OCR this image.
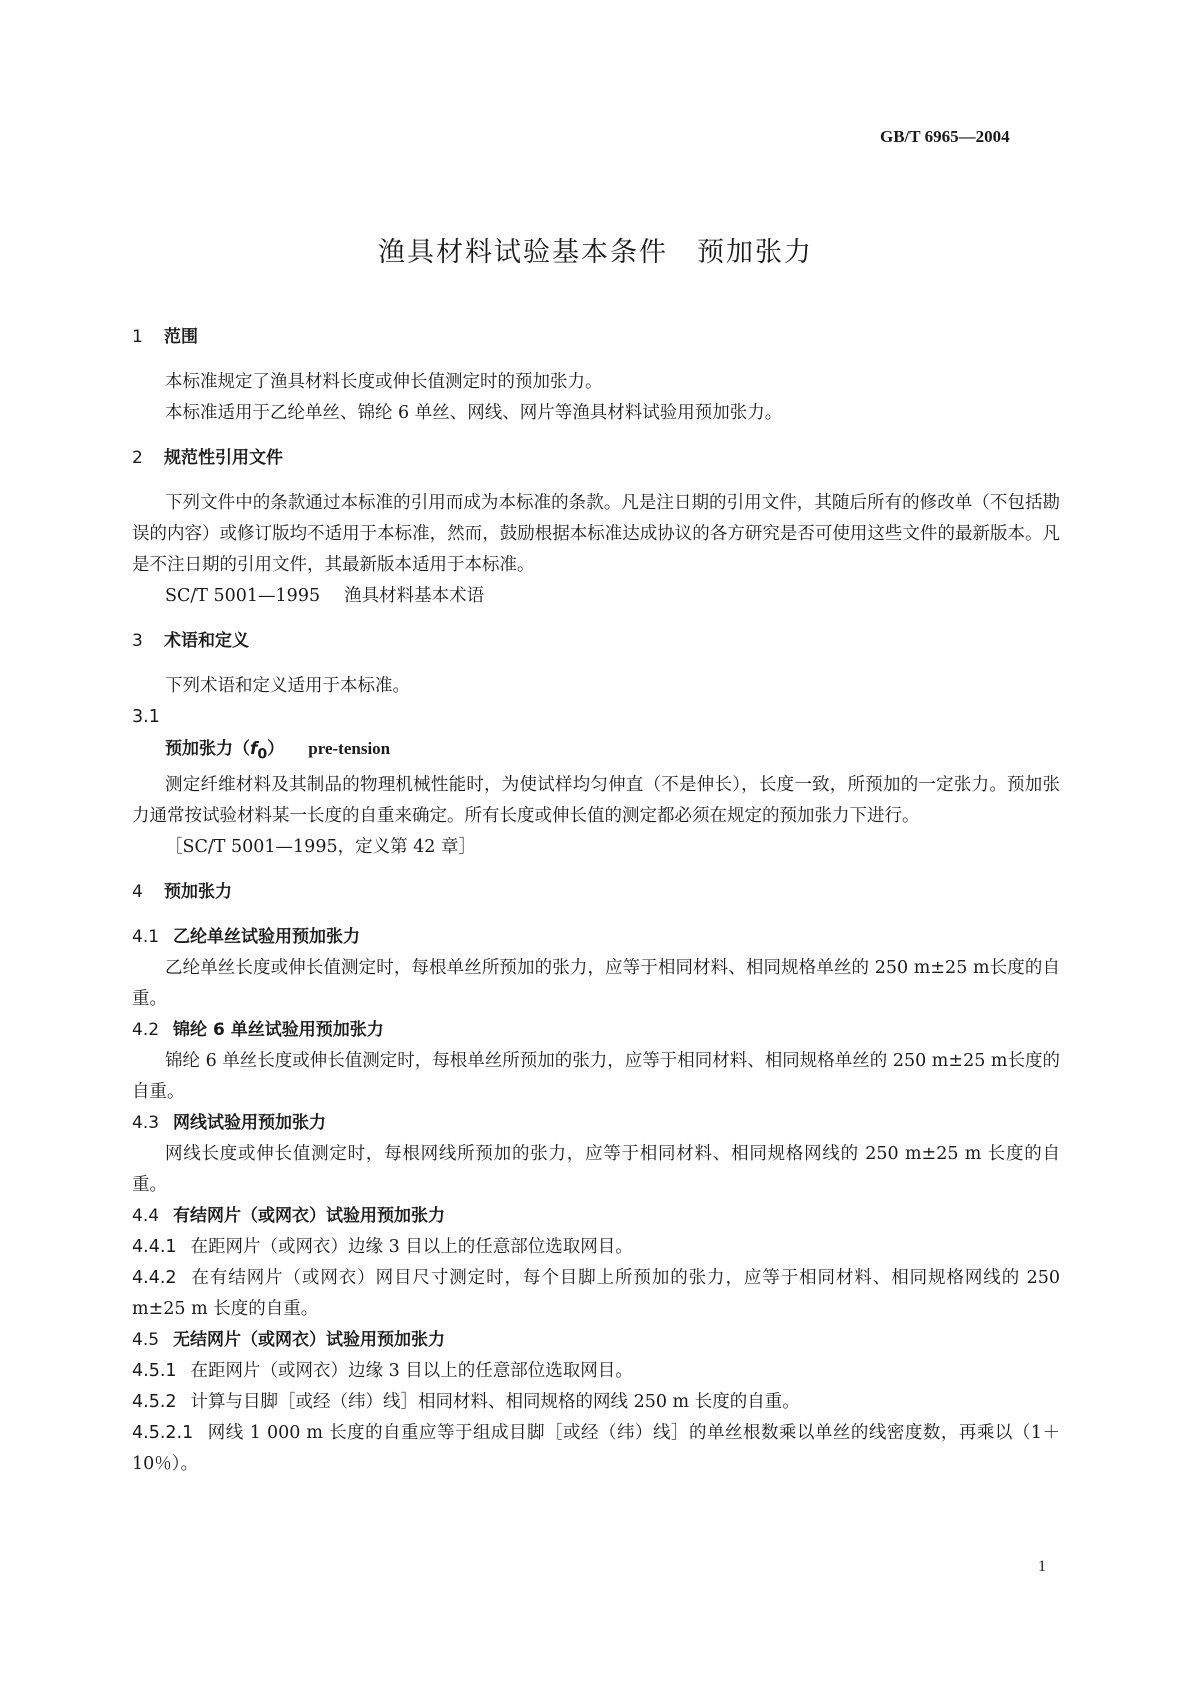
GB/T 6965—2004
渔具材料试验基本条件　预加张力
1 范围

本标准规定了渔具材料长度或伸长值测定时的预加张力。

本标准适用于乙纶单丝、锦纶 6 单丝、网线、网片等渔具材料试验用预加张力。

2 规范性引用文件

下列文件中的条款通过本标准的引用而成为本标准的条款。凡是注日期的引用文件，其随后所有的修改单（不包括勘误的内容）或修订版均不适用于本标准，然而，鼓励根据本标准达成协议的各方研究是否可使用这些文件的最新版本。凡是不注日期的引用文件，其最新版本适用于本标准。

SC/T 5001—1995 渔具材料基本术语
3 术语和定义

下列术语和定义适用于本标准。

3.1
预加张力$(f_0)$ pre-tension

测定纤维材料及其制品的物理机械性能时，为使试样均匀伸直（不是伸长），长度一致，所预加的一定张力。预加张力通常按试验材料某一长度的自重来确定。所有长度或伸长值的测定都必须在规定的预加张力下进行。

［SC/T 5001—1995，定义第 42 章］
4 预加张力
4.1 乙纶单丝试验用预加张力

乙纶单丝长度或伸长值测定时，每根单丝所预加的张力，应等于相同材料、相同规格单丝的 250 m±25 m长度的自重。

4.2 锦纶 6 单丝试验用预加张力

锦纶 6 单丝长度或伸长值测定时，每根单丝所预加的张力，应等于相同材料、相同规格单丝的 250 m±25 m长度的自重。

4.3 网线试验用预加张力

网线长度或伸长值测定时，每根网线所预加的张力，应等于相同材料、相同规格网线的 250 m±25 m 长度的自重。

4.4 有结网片（或网衣）试验用预加张力
4.4.1 在距网片（或网衣）边缘 3 目以上的任意部位选取网目。
4.4.2 在有结网片（或网衣）网目尺寸测定时，每个目脚上所预加的张力，应等于相同材料、相同规格网线的 250 m±25 m 长度的自重。
4.5 无结网片（或网衣）试验用预加张力
4.5.1 在距网片（或网衣）边缘 3 目以上的任意部位选取网目。
4.5.2 计算与目脚［或经（纬）线］相同材料、相同规格的网线 250 m 长度的自重。
4.5.2.1 网线 1 000 m 长度的自重应等于组成目脚［或经（纬）线］的单丝根数乘以单丝的线密度数，再乘以（1＋10％）。
1
